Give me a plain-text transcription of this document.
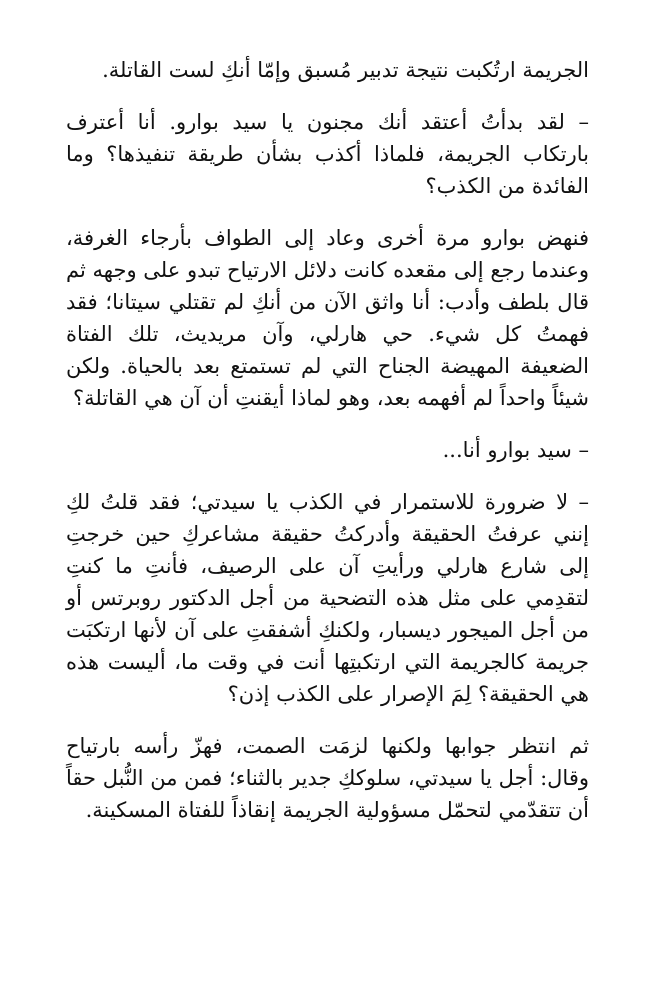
الجريمة ارتُكبت نتيجة تدبير مُسبق وإمّا أنكِ لست القاتلة.

– لقد بدأتُ أعتقد أنك مجنون يا سيد بوارو. أنا أعترف بارتكاب الجريمة، فلماذا أكذب بشأن طريقة تنفيذها؟ وما الفائدة من الكذب؟

فنهض بوارو مرة أخرى وعاد إلى الطواف بأرجاء الغرفة، وعندما رجع إلى مقعده كانت دلائل الارتياح تبدو على وجهه ثم قال بلطف وأدب: أنا واثق الآن من أنكِ لم تقتلي سيتانا؛ فقد فهمتُ كل شيء. حي هارلي، وآن مريديث، تلك الفتاة الضعيفة المهيضة الجناح التي لم تستمتع بعد بالحياة. ولكن شيئاً واحداً لم أفهمه بعد، وهو لماذا أيقنتِ أن آن هي القاتلة؟

– سيد بوارو أنا...

– لا ضرورة للاستمرار في الكذب يا سيدتي؛ فقد قلتُ لكِ إنني عرفتُ الحقيقة وأدركتُ حقيقة مشاعركِ حين خرجتِ إلى شارع هارلي ورأيتِ آن على الرصيف، فأنتِ ما كنتِ لتقدِمي على مثل هذه التضحية من أجل الدكتور روبرتس أو من أجل الميجور ديسبار، ولكنكِ أشفقتِ على آن لأنها ارتكبَت جريمة كالجريمة التي ارتكبتِها أنت في وقت ما، أليست هذه هي الحقيقة؟ لِمَ الإصرار على الكذب إذن؟

ثم انتظر جوابها ولكنها لزمَت الصمت، فهزّ رأسه بارتياح وقال: أجل يا سيدتي، سلوككِ جدير بالثناء؛ فمن من النُّبل حقاً أن تتقدّمي لتحمّل مسؤولية الجريمة إنقاذاً للفتاة المسكينة.
